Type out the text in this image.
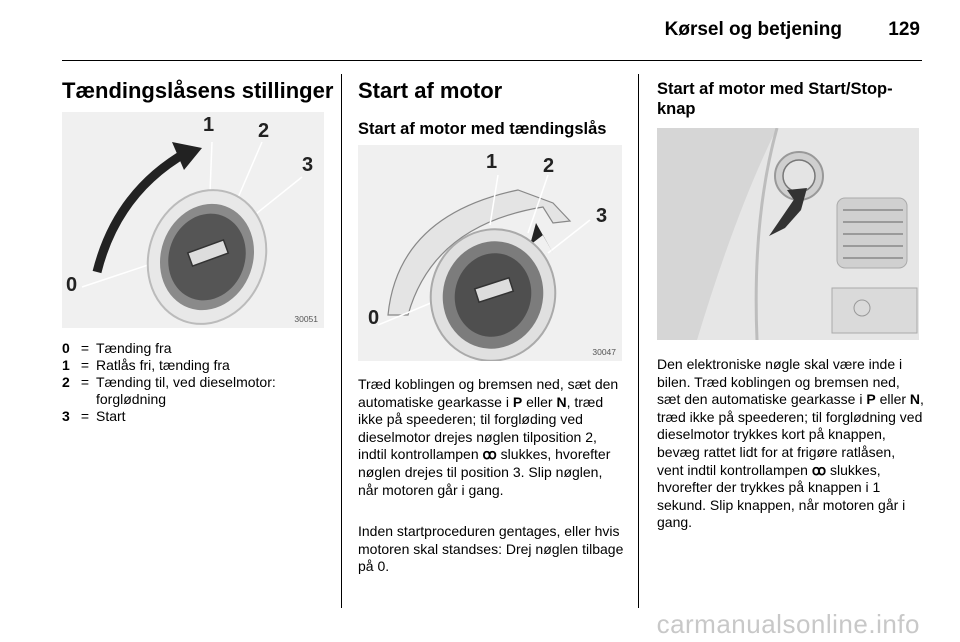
Kørsel og betjening 129
Tændingslåsens stillinger
0
1 2
3
30051
0 = Tænding fra
1 = Ratlås fri, tænding fra
2 = Tænding til, ved dieselmotor: forglødning
3 = Start
Start af motor
Start af motor med tændingslås
0
1 2
3
30047

Træd koblingen og bremsen ned, sæt den automatiske gearkasse i P eller N, træd ikke på speederen; til forgløding ved dieselmotor drejes nøglen tilposition 2, indtil kontrollampen ꝏ slukkes, hvorefter nøglen drejes til position 3. Slip nøglen, når motoren går i gang.

Inden startproceduren gentages, eller hvis motoren skal standses: Drej nøglen tilbage på 0.

Start af motor med Start/Stop-knap

Den elektroniske nøgle skal være inde i bilen. Træd koblingen og bremsen ned, sæt den automatiske gearkasse i P eller N, træd ikke på speederen; til forglødning ved dieselmotor trykkes kort på knappen, bevæg rattet lidt for at frigøre ratlåsen, vent indtil kontrollampen ꝏ slukkes, hvorefter der trykkes på knappen i 1 sekund. Slip knappen, når motoren går i gang.

carmanualsonline.info
